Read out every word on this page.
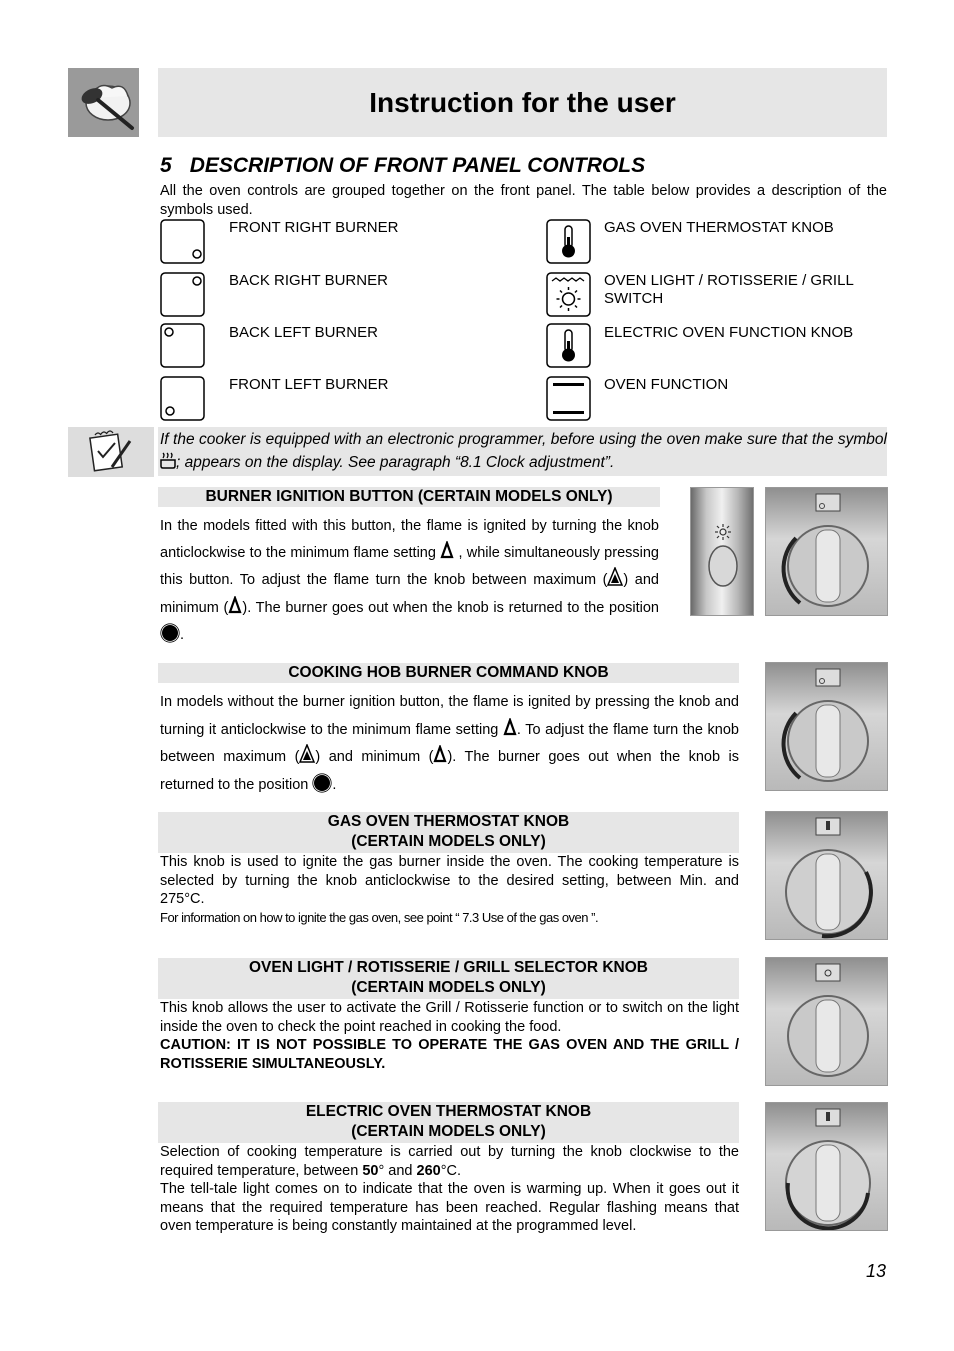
Instruction for the user
5 DESCRIPTION OF FRONT PANEL CONTROLS
All the oven controls are grouped together on the front panel. The table below provides a description of the symbols used.
FRONT RIGHT BURNER
BACK RIGHT BURNER
BACK LEFT BURNER
FRONT LEFT BURNER
GAS OVEN THERMOSTAT KNOB
OVEN LIGHT / ROTISSERIE / GRILL SWITCH
ELECTRIC OVEN FUNCTION KNOB
OVEN FUNCTION
If the cooker is equipped with an electronic programmer, before using the oven make sure that the symbol ; appears on the display. See paragraph “8.1 Clock adjustment”.
BURNER IGNITION BUTTON (CERTAIN MODELS ONLY)
In the models fitted with this button, the flame is ignited by turning the knob anticlockwise to the minimum flame setting  , while simultaneously pressing this button. To adjust the flame turn the knob between maximum ( ) and minimum ( ). The burner goes out when the knob is returned to the position .
COOKING HOB BURNER COMMAND KNOB
In models without the burner ignition button, the flame is ignited by pressing the knob and turning it anticlockwise to the minimum flame setting . To adjust the flame turn the knob between maximum ( ) and minimum ( ). The burner goes out when the knob is returned to the position .
GAS OVEN THERMOSTAT KNOB
(CERTAIN MODELS ONLY)
This knob is used to ignite the gas burner inside the oven. The cooking temperature is selected by turning the knob anticlockwise to the desired setting, between Min. and 275°C.
For information on how to ignite the gas oven, see point “ 7.3 Use of the gas oven ”.
OVEN LIGHT / ROTISSERIE / GRILL SELECTOR KNOB
(CERTAIN MODELS ONLY)
This knob allows the user to activate the Grill / Rotisserie function or to switch on the light inside the oven to check the point reached in cooking the food.
CAUTION: IT IS NOT POSSIBLE TO OPERATE THE GAS OVEN AND THE GRILL / ROTISSERIE SIMULTANEOUSLY.
ELECTRIC OVEN THERMOSTAT KNOB
(CERTAIN MODELS ONLY)
Selection of cooking temperature is carried out by turning the knob clockwise to the required temperature, between 50° and 260°C.
The tell-tale light comes on to indicate that the oven is warming up. When it goes out it means that the required temperature has been reached. Regular flashing means that oven temperature is being constantly maintained at the programmed level.
13
